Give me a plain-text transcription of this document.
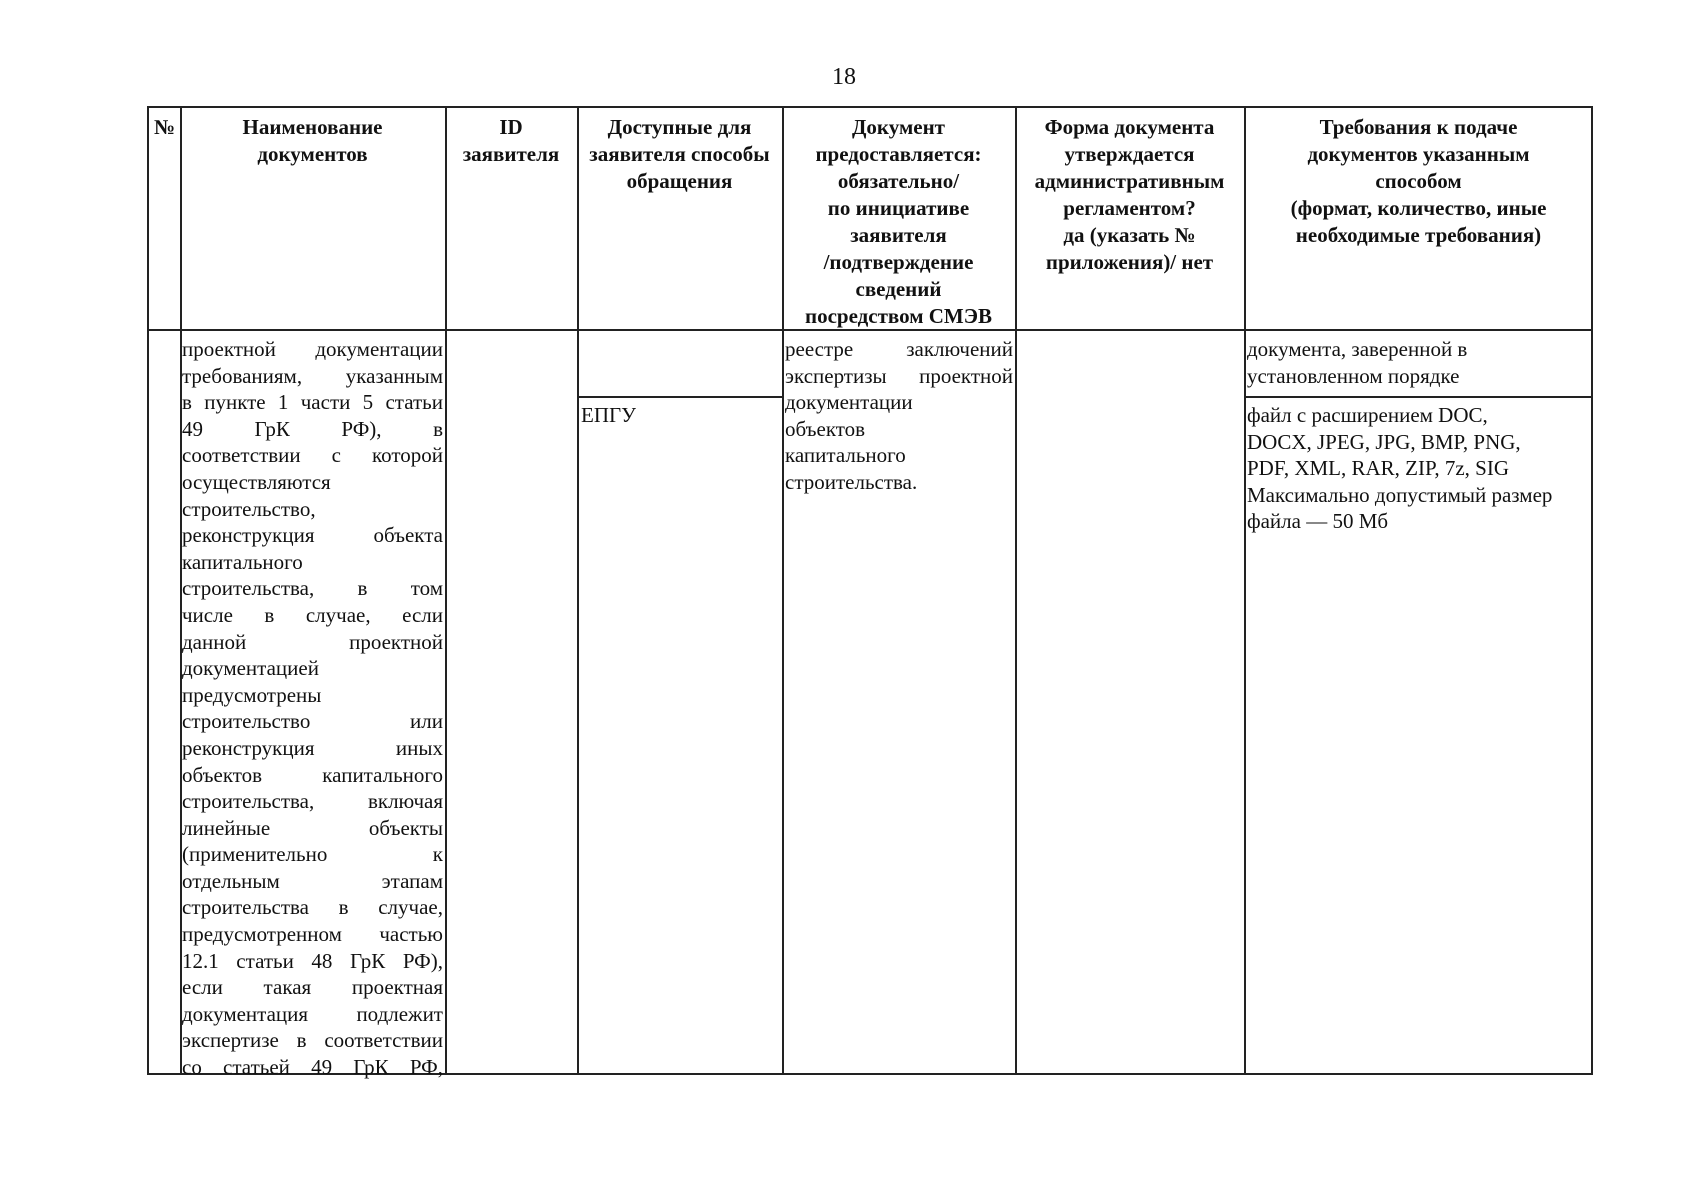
18
№	Наименование
документов
ID
заявителя
Доступные для
заявителя способы
обращения
Документ
предоставляется:
обязательно/
по инициативе
заявителя
/подтверждение
сведений
посредством СМЭВ
Форма документа
утверждается
административным
регламентом?
да (указать №
приложения)/ нет
Требования к подаче
документов указанным
способом
(формат, количество, иные
необходимые требования)
проектной документации
требованиям, указанным
в пункте 1 части 5 статьи
49 ГрК РФ), в
соответствии с которой
осуществляются
строительство,
реконструкция объекта
капитального
строительства, в том
числе в случае, если
данной проектной
документацией
предусмотрены
строительство или
реконструкция иных
объектов капитального
строительства, включая
линейные объекты
(применительно к
отдельным этапам
строительства в случае,
предусмотренном частью
12.1 статьи 48 ГрК РФ),
если такая проектная
документация подлежит
экспертизе в соответствии
со статьей 49 ГрК РФ,
ЕПГУ
реестре заключений
экспертизы проектной
документации
объектов
капитального
строительства.
документа, заверенной в
установленном порядке
файл с расширением DOC,
DOCX, JPEG, JPG, BMP, PNG,
PDF, XML, RAR, ZIP, 7z, SIG
Максимально допустимый размер
файла — 50 Мб
